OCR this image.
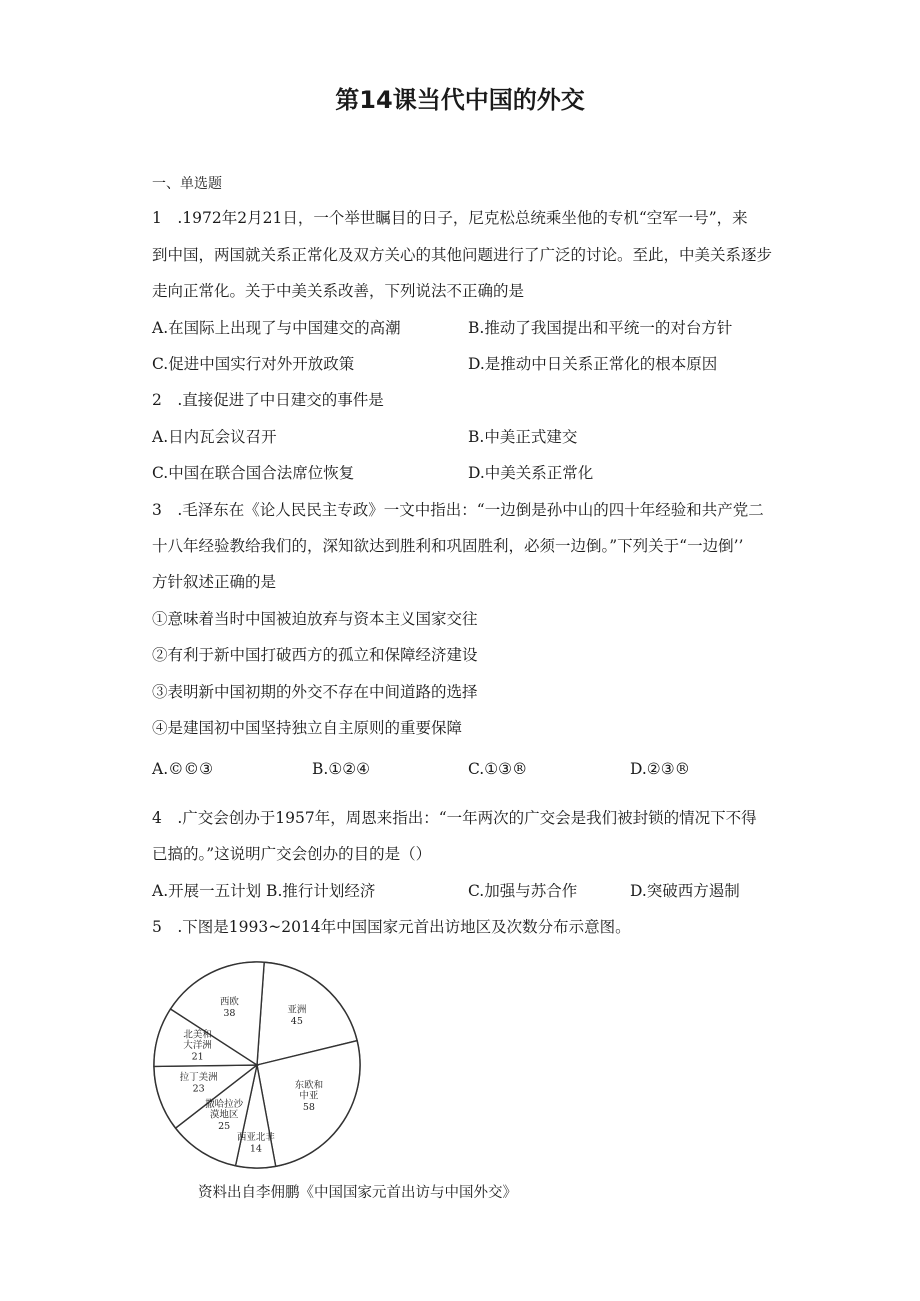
第14课当代中国的外交
一、单选题
1　.1972年2月21日，一个举世瞩目的日子，尼克松总统乘坐他的专机“空军一号”，来
到中国，两国就关系正常化及双方关心的其他问题进行了广泛的讨论。至此，中美关系逐步
走向正常化。关于中美关系改善，下列说法不正确的是
A.在国际上出现了与中国建交的高潮	B.推动了我国提出和平统一的对台方针
C.促进中国实行对外开放政策	D.是推动中日关系正常化的根本原因
2　.直接促进了中日建交的事件是
A.日内瓦会议召开	B.中美正式建交
C.中国在联合国合法席位恢复	D.中美关系正常化
3　.毛泽东在《论人民民主专政》一文中指出：“一边倒是孙中山的四十年经验和共产党二
十八年经验教给我们的，深知欲达到胜利和巩固胜利，必须一边倒。”下列关于“一边倒’’
方针叙述正确的是
①意味着当时中国被迫放弃与资本主义国家交往
②有利于新中国打破西方的孤立和保障经济建设
③表明新中国初期的外交不存在中间道路的选择
④是建国初中国坚持独立自主原则的重要保障
A.©©③	B.①②④	C.①③®	D.②③®
4　.广交会创办于1957年，周恩来指出：“一年两次的广交会是我们被封锁的情况下不得
已搞的。”这说明广交会创办的目的是（）
A.开展一五计划 B.推行计划经济	C.加强与苏合作	D.突破西方遏制
5　.下图是1993~2014年中国国家元首出访地区及次数分布示意图。
亚洲
45
东欧和
中亚
58
西亚北非
14
撒哈拉沙
漠地区
25
拉丁美洲
23
北美和
大洋洲
21
西欧
38
资料出自李佣鹏《中国国家元首出访与中国外交》
